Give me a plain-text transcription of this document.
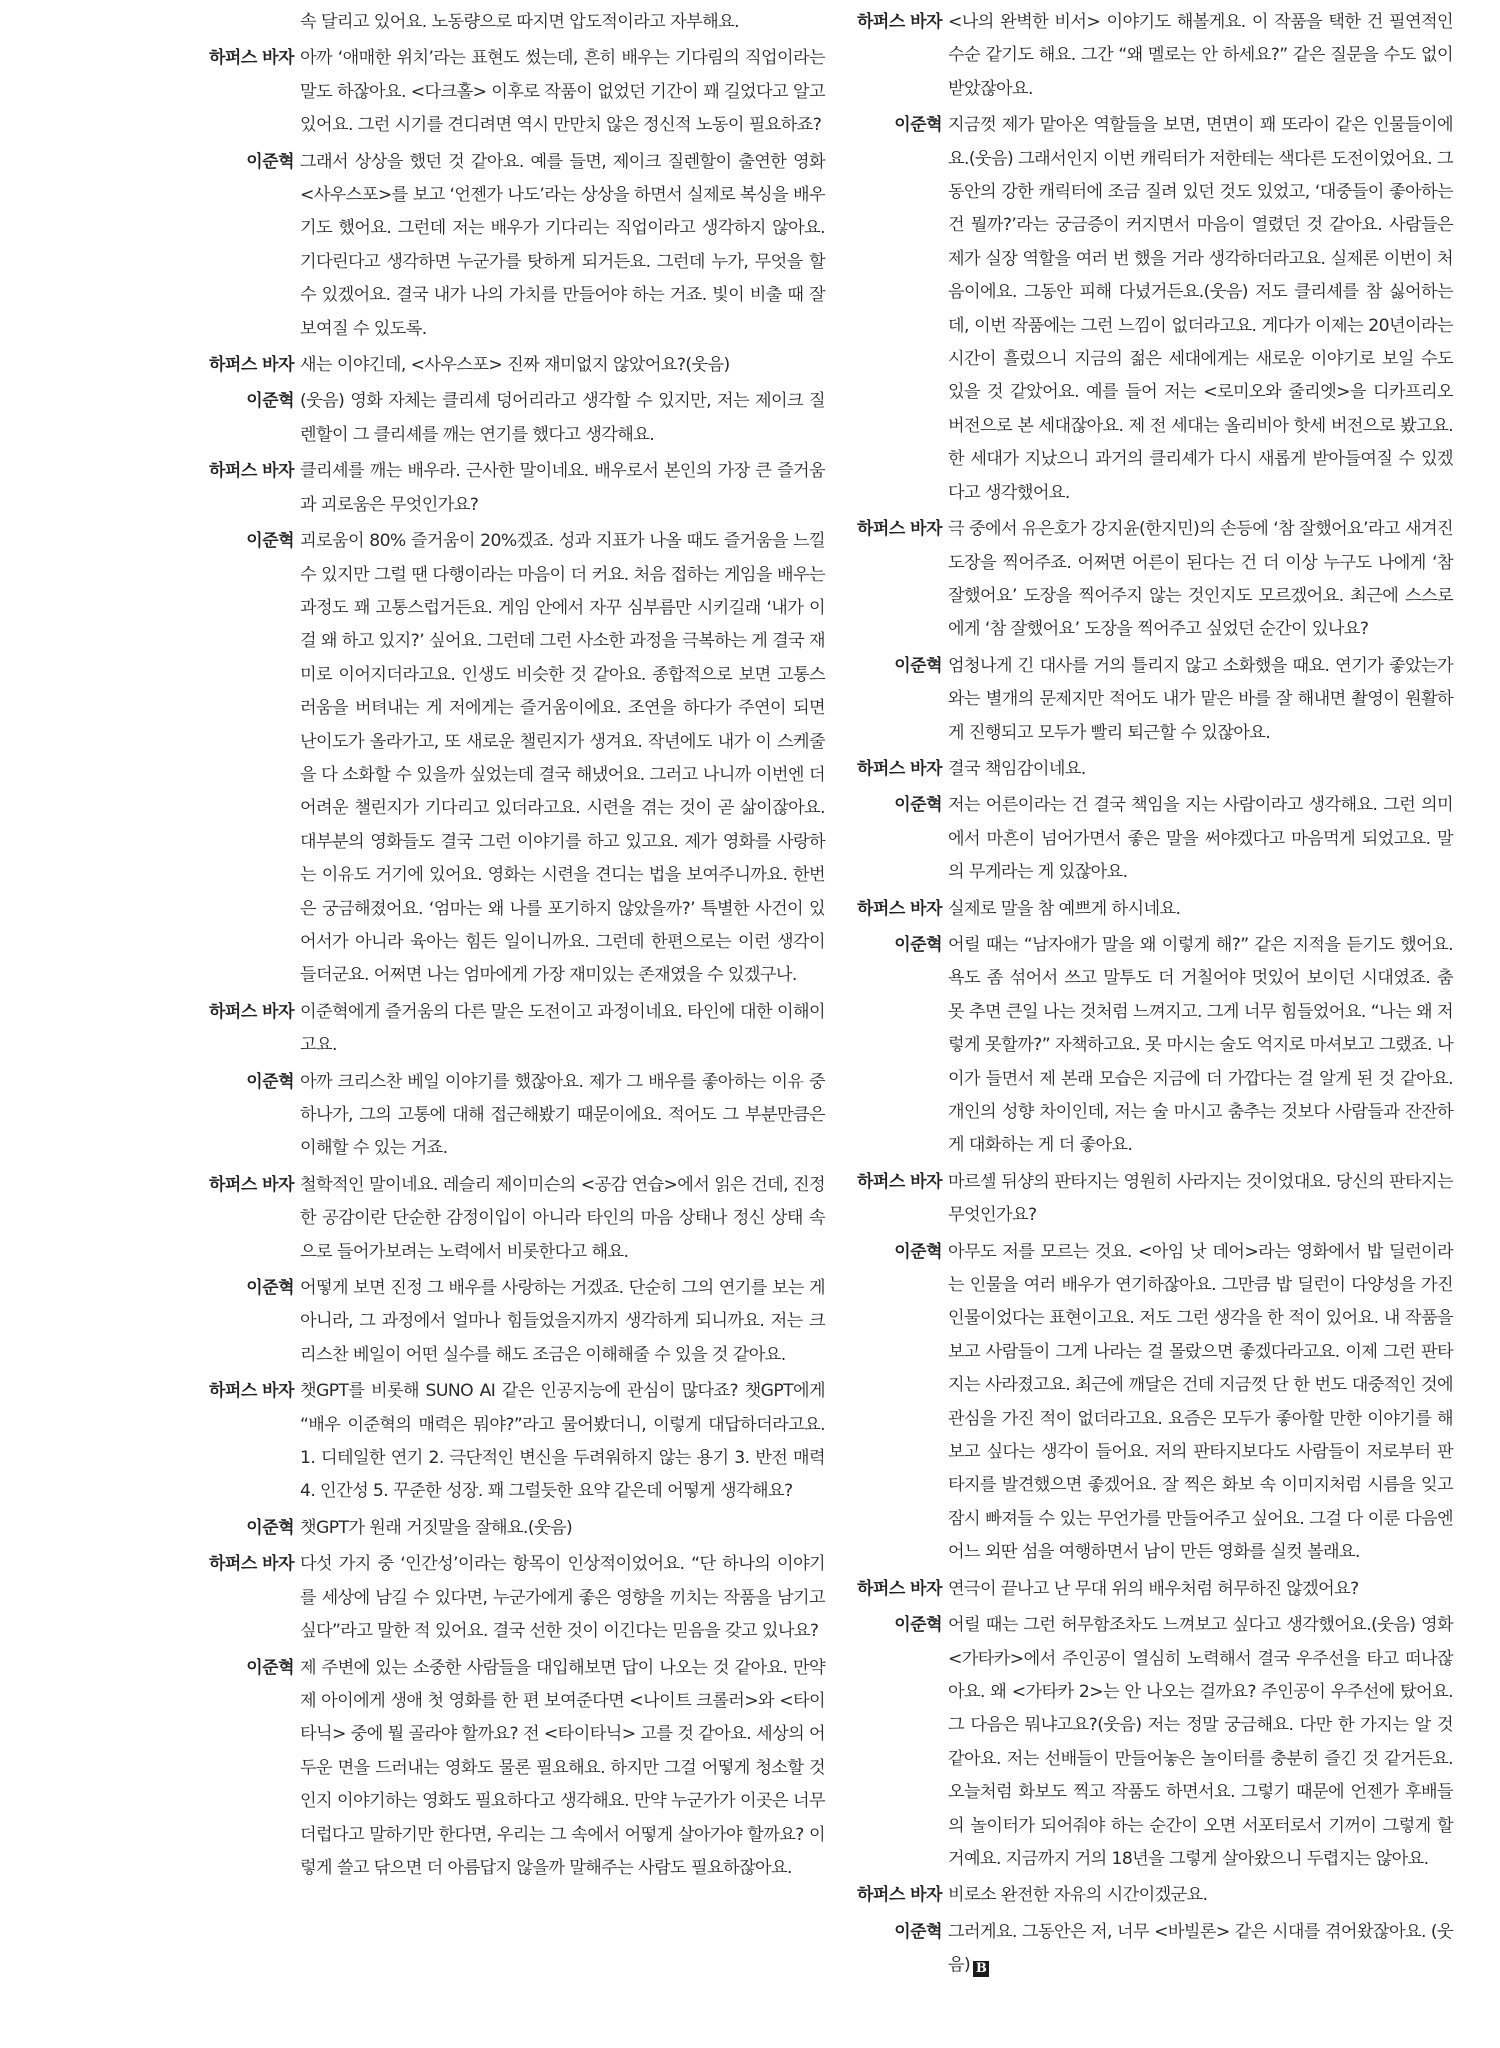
속 달리고 있어요. 노동량으로 따지면 압도적이라고 자부해요.
하퍼스 바자 아까 ‘애매한 위치’라는 표현도 썼는데, 흔히 배우는 기다림의 직업이라는 말도 하잖아요. <다크홀> 이후로 작품이 없었던 기간이 꽤 길었다고 알고 있어요. 그런 시기를 견디려면 역시 만만치 않은 정신적 노동이 필요하죠?
이준혁 그래서 상상을 했던 것 같아요. 예를 들면, 제이크 질렌할이 출연한 영화 <사우스포>를 보고 ‘언젠가 나도’라는 상상을 하면서 실제로 복싱을 배우기도 했어요. 그런데 저는 배우가 기다리는 직업이라고 생각하지 않아요. 기다린다고 생각하면 누군가를 탓하게 되거든요. 그런데 누가, 무엇을 할 수 있겠어요. 결국 내가 나의 가치를 만들어야 하는 거죠. 빛이 비출 때 잘 보여질 수 있도록.
하퍼스 바자 새는 이야긴데, <사우스포> 진짜 재미없지 않았어요?(웃음)
이준혁 (웃음) 영화 자체는 클리셰 덩어리라고 생각할 수 있지만, 저는 제이크 질렌할이 그 클리셰를 깨는 연기를 했다고 생각해요.
하퍼스 바자 클리셰를 깨는 배우라. 근사한 말이네요. 배우로서 본인의 가장 큰 즐거움과 괴로움은 무엇인가요?
이준혁 괴로움이 80% 즐거움이 20%겠죠. 성과 지표가 나올 때도 즐거움을 느낄 수 있지만 그럴 땐 다행이라는 마음이 더 커요. 처음 접하는 게임을 배우는 과정도 꽤 고통스럽거든요. 게임 안에서 자꾸 심부름만 시키길래 ‘내가 이걸 왜 하고 있지?’ 싶어요. 그런데 그런 사소한 과정을 극복하는 게 결국 재미로 이어지더라고요. 인생도 비슷한 것 같아요. 종합적으로 보면 고통스러움을 버텨내는 게 저에게는 즐거움이에요. 조연을 하다가 주연이 되면 난이도가 올라가고, 또 새로운 챌린지가 생겨요. 작년에도 내가 이 스케줄을 다 소화할 수 있을까 싶었는데 결국 해냈어요. 그러고 나니까 이번엔 더 어려운 챌린지가 기다리고 있더라고요. 시련을 겪는 것이 곧 삶이잖아요. 대부분의 영화들도 결국 그런 이야기를 하고 있고요. 제가 영화를 사랑하는 이유도 거기에 있어요. 영화는 시련을 견디는 법을 보여주니까요. 한번은 궁금해졌어요. ‘엄마는 왜 나를 포기하지 않았을까?’ 특별한 사건이 있어서가 아니라 육아는 힘든 일이니까요. 그런데 한편으로는 이런 생각이 들더군요. 어쩌면 나는 엄마에게 가장 재미있는 존재였을 수 있겠구나.
하퍼스 바자 이준혁에게 즐거움의 다른 말은 도전이고 과정이네요. 타인에 대한 이해이고요.
이준혁 아까 크리스찬 베일 이야기를 했잖아요. 제가 그 배우를 좋아하는 이유 중 하나가, 그의 고통에 대해 접근해봤기 때문이에요. 적어도 그 부분만큼은 이해할 수 있는 거죠.
하퍼스 바자 철학적인 말이네요. 레슬리 제이미슨의 <공감 연습>에서 읽은 건데, 진정한 공감이란 단순한 감정이입이 아니라 타인의 마음 상태나 정신 상태 속으로 들어가보려는 노력에서 비롯한다고 해요.
이준혁 어떻게 보면 진정 그 배우를 사랑하는 거겠죠. 단순히 그의 연기를 보는 게 아니라, 그 과정에서 얼마나 힘들었을지까지 생각하게 되니까요. 저는 크리스찬 베일이 어떤 실수를 해도 조금은 이해해줄 수 있을 것 같아요.
하퍼스 바자 챗GPT를 비롯해 SUNO AI 같은 인공지능에 관심이 많다죠? 챗GPT에게 “배우 이준혁의 매력은 뭐야?”라고 물어봤더니, 이렇게 대답하더라고요. 1. 디테일한 연기 2. 극단적인 변신을 두려워하지 않는 용기 3. 반전 매력 4. 인간성 5. 꾸준한 성장. 꽤 그럴듯한 요약 같은데 어떻게 생각해요?
이준혁 챗GPT가 원래 거짓말을 잘해요.(웃음)
하퍼스 바자 다섯 가지 중 ‘인간성’이라는 항목이 인상적이었어요. “단 하나의 이야기를 세상에 남길 수 있다면, 누군가에게 좋은 영향을 끼치는 작품을 남기고 싶다”라고 말한 적 있어요. 결국 선한 것이 이긴다는 믿음을 갖고 있나요?
이준혁 제 주변에 있는 소중한 사람들을 대입해보면 답이 나오는 것 같아요. 만약 제 아이에게 생애 첫 영화를 한 편 보여준다면 <나이트 크롤러>와 <타이타닉> 중에 뭘 골라야 할까요? 전 <타이타닉> 고를 것 같아요. 세상의 어두운 면을 드러내는 영화도 물론 필요해요. 하지만 그걸 어떻게 청소할 것인지 이야기하는 영화도 필요하다고 생각해요. 만약 누군가가 이곳은 너무 더럽다고 말하기만 한다면, 우리는 그 속에서 어떻게 살아가야 할까요? 이렇게 쓸고 닦으면 더 아름답지 않을까 말해주는 사람도 필요하잖아요.
하퍼스 바자 <나의 완벽한 비서> 이야기도 해볼게요. 이 작품을 택한 건 필연적인 수순 같기도 해요. 그간 “왜 멜로는 안 하세요?” 같은 질문을 수도 없이 받았잖아요.
이준혁 지금껏 제가 맡아온 역할들을 보면, 면면이 꽤 또라이 같은 인물들이에요.(웃음) 그래서인지 이번 캐릭터가 저한테는 색다른 도전이었어요. 그동안의 강한 캐릭터에 조금 질려 있던 것도 있었고, ‘대중들이 좋아하는 건 뭘까?’라는 궁금증이 커지면서 마음이 열렸던 것 같아요. 사람들은 제가 실장 역할을 여러 번 했을 거라 생각하더라고요. 실제론 이번이 처음이에요. 그동안 피해 다녔거든요.(웃음) 저도 클리셰를 참 싫어하는데, 이번 작품에는 그런 느낌이 없더라고요. 게다가 이제는 20년이라는 시간이 흘렀으니 지금의 젊은 세대에게는 새로운 이야기로 보일 수도 있을 것 같았어요. 예를 들어 저는 <로미오와 줄리엣>을 디카프리오 버전으로 본 세대잖아요. 제 전 세대는 올리비아 핫세 버전으로 봤고요. 한 세대가 지났으니 과거의 클리셰가 다시 새롭게 받아들여질 수 있겠다고 생각했어요.
하퍼스 바자 극 중에서 유은호가 강지윤(한지민)의 손등에 ‘참 잘했어요’라고 새겨진 도장을 찍어주죠. 어쩌면 어른이 된다는 건 더 이상 누구도 나에게 ‘참 잘했어요’ 도장을 찍어주지 않는 것인지도 모르겠어요. 최근에 스스로에게 ‘참 잘했어요’ 도장을 찍어주고 싶었던 순간이 있나요?
이준혁 엄청나게 긴 대사를 거의 틀리지 않고 소화했을 때요. 연기가 좋았는가와는 별개의 문제지만 적어도 내가 맡은 바를 잘 해내면 촬영이 원활하게 진행되고 모두가 빨리 퇴근할 수 있잖아요.
하퍼스 바자 결국 책임감이네요.
이준혁 저는 어른이라는 건 결국 책임을 지는 사람이라고 생각해요. 그런 의미에서 마흔이 넘어가면서 좋은 말을 써야겠다고 마음먹게 되었고요. 말의 무게라는 게 있잖아요.
하퍼스 바자 실제로 말을 참 예쁘게 하시네요.
이준혁 어릴 때는 “남자애가 말을 왜 이렇게 해?” 같은 지적을 듣기도 했어요. 욕도 좀 섞어서 쓰고 말투도 더 거칠어야 멋있어 보이던 시대였죠. 춤 못 추면 큰일 나는 것처럼 느껴지고. 그게 너무 힘들었어요. “나는 왜 저렇게 못할까?” 자책하고요. 못 마시는 술도 억지로 마셔보고 그랬죠. 나이가 들면서 제 본래 모습은 지금에 더 가깝다는 걸 알게 된 것 같아요. 개인의 성향 차이인데, 저는 술 마시고 춤추는 것보다 사람들과 잔잔하게 대화하는 게 더 좋아요.
하퍼스 바자 마르셀 뒤샹의 판타지는 영원히 사라지는 것이었대요. 당신의 판타지는 무엇인가요?
이준혁 아무도 저를 모르는 것요. <아임 낫 데어>라는 영화에서 밥 딜런이라는 인물을 여러 배우가 연기하잖아요. 그만큼 밥 딜런이 다양성을 가진 인물이었다는 표현이고요. 저도 그런 생각을 한 적이 있어요. 내 작품을 보고 사람들이 그게 나라는 걸 몰랐으면 좋겠다라고요. 이제 그런 판타지는 사라졌고요. 최근에 깨달은 건데 지금껏 단 한 번도 대중적인 것에 관심을 가진 적이 없더라고요. 요즘은 모두가 좋아할 만한 이야기를 해보고 싶다는 생각이 들어요. 저의 판타지보다도 사람들이 저로부터 판타지를 발견했으면 좋겠어요. 잘 찍은 화보 속 이미지처럼 시름을 잊고 잠시 빠져들 수 있는 무언가를 만들어주고 싶어요. 그걸 다 이룬 다음엔 어느 외딴 섬을 여행하면서 남이 만든 영화를 실컷 볼래요.
하퍼스 바자 연극이 끝나고 난 무대 위의 배우처럼 허무하진 않겠어요?
이준혁 어릴 때는 그런 허무함조차도 느껴보고 싶다고 생각했어요.(웃음) 영화 <가타카>에서 주인공이 열심히 노력해서 결국 우주선을 타고 떠나잖아요. 왜 <가타카 2>는 안 나오는 걸까요? 주인공이 우주선에 탔어요. 그 다음은 뭐냐고요?(웃음) 저는 정말 궁금해요. 다만 한 가지는 알 것 같아요. 저는 선배들이 만들어놓은 놀이터를 충분히 즐긴 것 같거든요. 오늘처럼 화보도 찍고 작품도 하면서요. 그렇기 때문에 언젠가 후배들의 놀이터가 되어줘야 하는 순간이 오면 서포터로서 기꺼이 그렇게 할 거예요. 지금까지 거의 18년을 그렇게 살아왔으니 두렵지는 않아요.
하퍼스 바자 비로소 완전한 자유의 시간이겠군요.
이준혁 그러게요. 그동안은 저, 너무 <바빌론> 같은 시대를 겪어왔잖아요. (웃음) B
